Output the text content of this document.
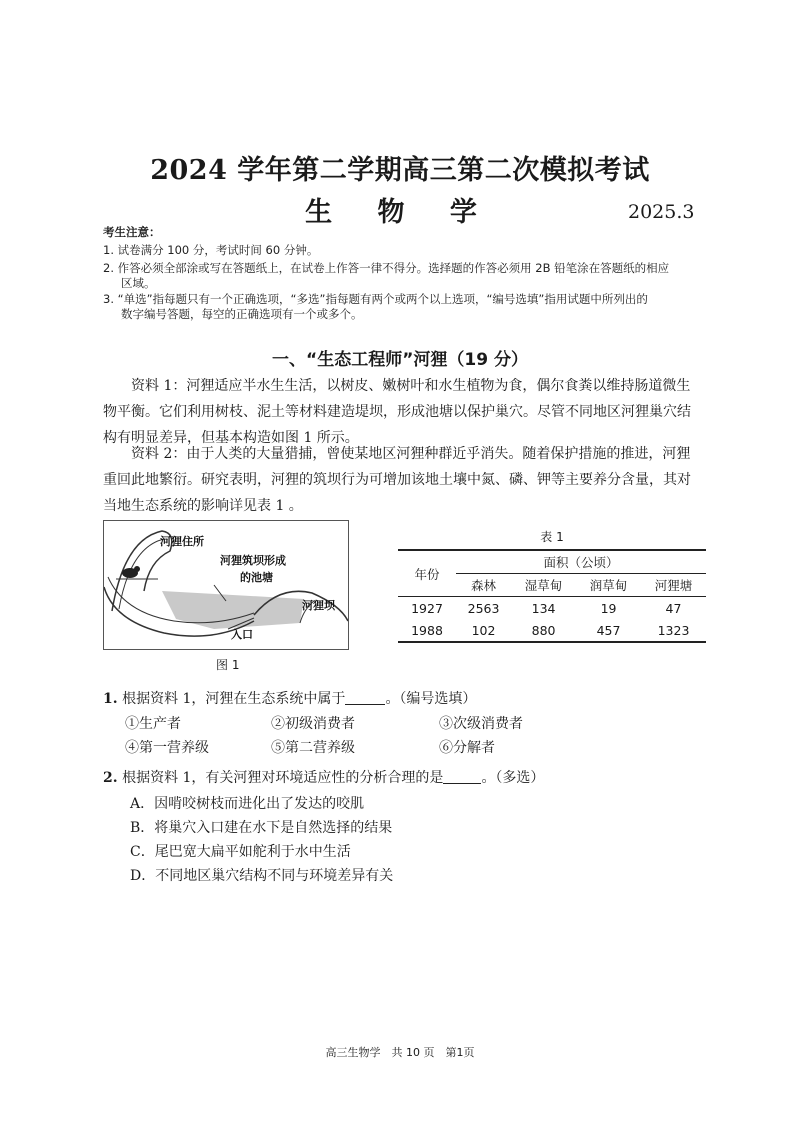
2024 学年第二学期高三第二次模拟考试
生 物 学	2025.3
考生注意：
1. 试卷满分 100 分，考试时间 60 分钟。
2. 作答必须全部涂或写在答题纸上，在试卷上作答一律不得分。选择题的作答必须用 2B 铅笔涂在答题纸的相应
区域。
3. “单选”指每题只有一个正确选项，“多选”指每题有两个或两个以上选项，“编号选填”指用试题中所列出的
数字编号答题，每空的正确选项有一个或多个。
一、“生态工程师”河狸（19 分）
资料 1：河狸适应半水生生活，以树皮、嫩树叶和水生植物为食，偶尔食粪以维持肠道微生
物平衡。它们利用树枝、泥土等材料建造堤坝，形成池塘以保护巢穴。尽管不同地区河狸巢穴结
构有明显差异，但基本构造如图 1 所示。
资料 2：由于人类的大量猎捕，曾使某地区河狸种群近乎消失。随着保护措施的推进，河狸
重回此地繁衍。研究表明，河狸的筑坝行为可增加该地土壤中氮、磷、钾等主要养分含量，其对
当地生态系统的影响详见表 1 。
河狸住所
河狸筑坝形成
的池塘
河狸坝
入口
图 1
表 1
年份	面积（公顷）			
	森林	湿草甸	润草甸	河狸塘
1927	2563	134	19	47
1988	102	880	457	1323
1. 根据资料 1，河狸在生态系统中属于	。（编号选填）
①生产者	②初级消费者	③次级消费者
④第一营养级	⑤第二营养级	⑥分解者
2. 根据资料 1，有关河狸对环境适应性的分析合理的是	。（多选）
A．因啃咬树枝而进化出了发达的咬肌
B．将巢穴入口建在水下是自然选择的结果
C．尾巴宽大扁平如舵利于水中生活
D．不同地区巢穴结构不同与环境差异有关
高三生物学　共 10 页　第1页
